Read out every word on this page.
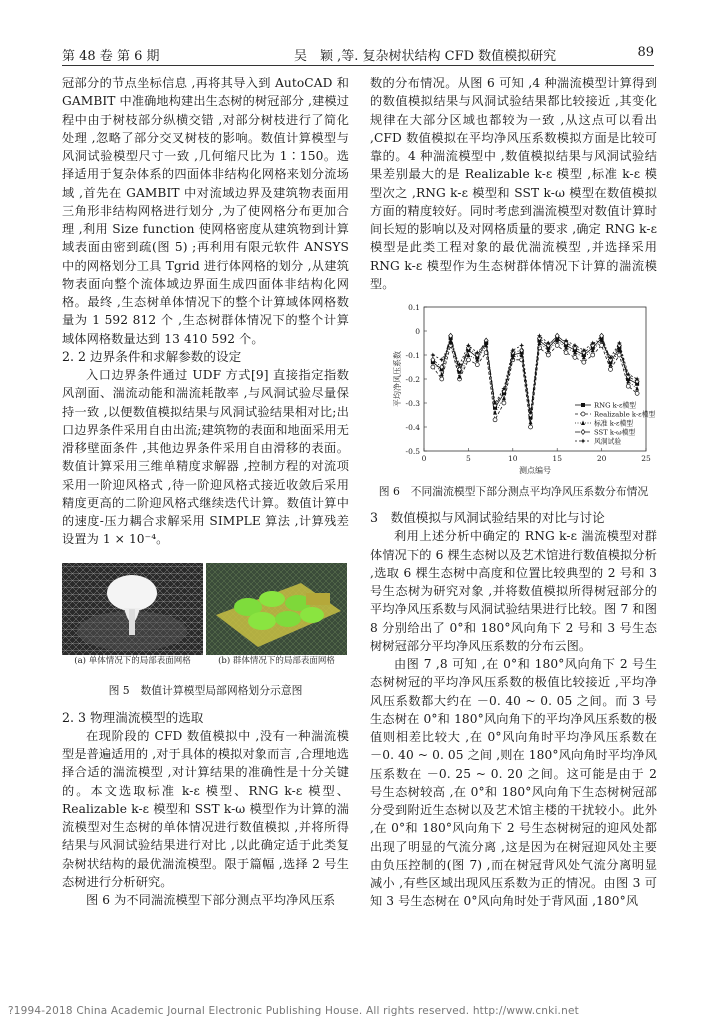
第 48 卷 第 6 期	吴　颖 ,等. 复杂树状结构 CFD 数值模拟研究	89

冠部分的节点坐标信息 ,再将其导入到 AutoCAD 和 GAMBIT 中准确地构建出生态树的树冠部分 ,建模过程中由于树枝部分纵横交错 ,对部分树枝进行了简化处理 ,忽略了部分交叉树枝的影响。数值计算模型与风洞试验模型尺寸一致 ,几何缩尺比为 1∶150。选择适用于复杂体系的四面体非结构化网格来划分流场域 ,首先在 GAMBIT 中对流域边界及建筑物表面用三角形非结构网格进行划分 ,为了使网格分布更加合理 ,利用 Size function 使网格密度从建筑物到计算域表面由密到疏(图 5) ;再利用有限元软件 ANSYS 中的网格划分工具 Tgrid 进行体网格的划分 ,从建筑物表面向整个流体域边界面生成四面体非结构化网格。最终 ,生态树单体情况下的整个计算域体网格数量为 1 592 812 个 ,生态树群体情况下的整个计算域体网格数量达到 13 410 592 个。

2. 2 边界条件和求解参数的设定

入口边界条件通过 UDF 方式[9] 直接指定指数风剖面、湍流动能和湍流耗散率 ,与风洞试验尽量保持一致 ,以便数值模拟结果与风洞试验结果相对比;出口边界条件采用自由出流;建筑物的表面和地面采用无滑移壁面条件 ,其他边界条件采用自由滑移的表面。数值计算采用三维单精度求解器 ,控制方程的对流项采用一阶迎风格式 ,待一阶迎风格式接近收敛后采用精度更高的二阶迎风格式继续迭代计算。数值计算中的速度-压力耦合求解采用 SIMPLE 算法 ,计算残差设置为 1 × 10⁻⁴。

(a) 单体情况下的局部表面网格	(b) 群体情况下的局部表面网格
图 5　数值计算模型局部网格划分示意图
2. 3 物理湍流模型的选取

在现阶段的 CFD 数值模拟中 ,没有一种湍流模型是普遍适用的 ,对于具体的模拟对象而言 ,合理地选择合适的湍流模型 ,对计算结果的准确性是十分关键的。本文选取标准 k-ε 模型、RNG k-ε 模型、Realizable k-ε 模型和 SST k-ω 模型作为计算的湍流模型对生态树的单体情况进行数值模拟 ,并将所得结果与风洞试验结果进行对比 ,以此确定适于此类复杂树状结构的最优湍流模型。限于篇幅 ,选择 2 号生态树进行分析研究。

图 6 为不同湍流模型下部分测点平均净风压系

数的分布情况。从图 6 可知 ,4 种湍流模型计算得到的数值模拟结果与风洞试验结果都比较接近 ,其变化规律在大部分区域也都较为一致 ,从这点可以看出 ,CFD 数值模拟在平均净风压系数模拟方面是比较可靠的。4 种湍流模型中 ,数值模拟结果与风洞试验结果差别最大的是 Realizable k-ε 模型 ,标准 k-ε 模型次之 ,RNG k-ε 模型和 SST k-ω 模型在数值模拟方面的精度较好。同时考虑到湍流模型对数值计算时间长短的影响以及对网格质量的要求 ,确定 RNG k-ε 模型是此类工程对象的最优湍流模型 ,并选择采用 RNG k-ε 模型作为生态树群体情况下计算的湍流模型。

-0.5
-0.4
-0.3
-0.2
-0.1
0
0.1
0	5	10	15	20	25
测点编号
平均净风压系数	RNG k-ε模型
Realizable k-ε模型
标准 k-ε模型
SST k-ω模型
风洞试验
图 6　不同湍流模型下部分测点平均净风压系数分布情况
3　数值模拟与风洞试验结果的对比与讨论

利用上述分析中确定的 RNG k-ε 湍流模型对群体情况下的 6 棵生态树以及艺术馆进行数值模拟分析 ,选取 6 棵生态树中高度和位置比较典型的 2 号和 3 号生态树为研究对象 ,并将数值模拟所得树冠部分的平均净风压系数与风洞试验结果进行比较。图 7 和图 8 分别给出了 0°和 180°风向角下 2 号和 3 号生态树树冠部分平均净风压系数的分布云图。

由图 7 ,8 可知 ,在 0°和 180°风向角下 2 号生态树树冠的平均净风压系数的极值比较接近 ,平均净风压系数都大约在 －0. 40 ~ 0. 05 之间。而 3 号生态树在 0°和 180°风向角下的平均净风压系数的极值则相差比较大 ,在 0°风向角时平均净风压系数在 －0. 40 ~ 0. 05 之间 ,则在 180°风向角时平均净风压系数在 －0. 25 ~ 0. 20 之间。这可能是由于 2 号生态树较高 ,在 0°和 180°风向角下生态树树冠部分受到附近生态树以及艺术馆主楼的干扰较小。此外 ,在 0°和 180°风向角下 2 号生态树树冠的迎风处都出现了明显的气流分离 ,这是因为在树冠迎风处主要由负压控制的(图 7) ,而在树冠背风处气流分离明显减小 ,有些区域出现风压系数为正的情况。由图 3 可知 3 号生态树在 0°风向角时处于背风面 ,180°风

?1994-2018 China Academic Journal Electronic Publishing House. All rights reserved. http://www.cnki.net
